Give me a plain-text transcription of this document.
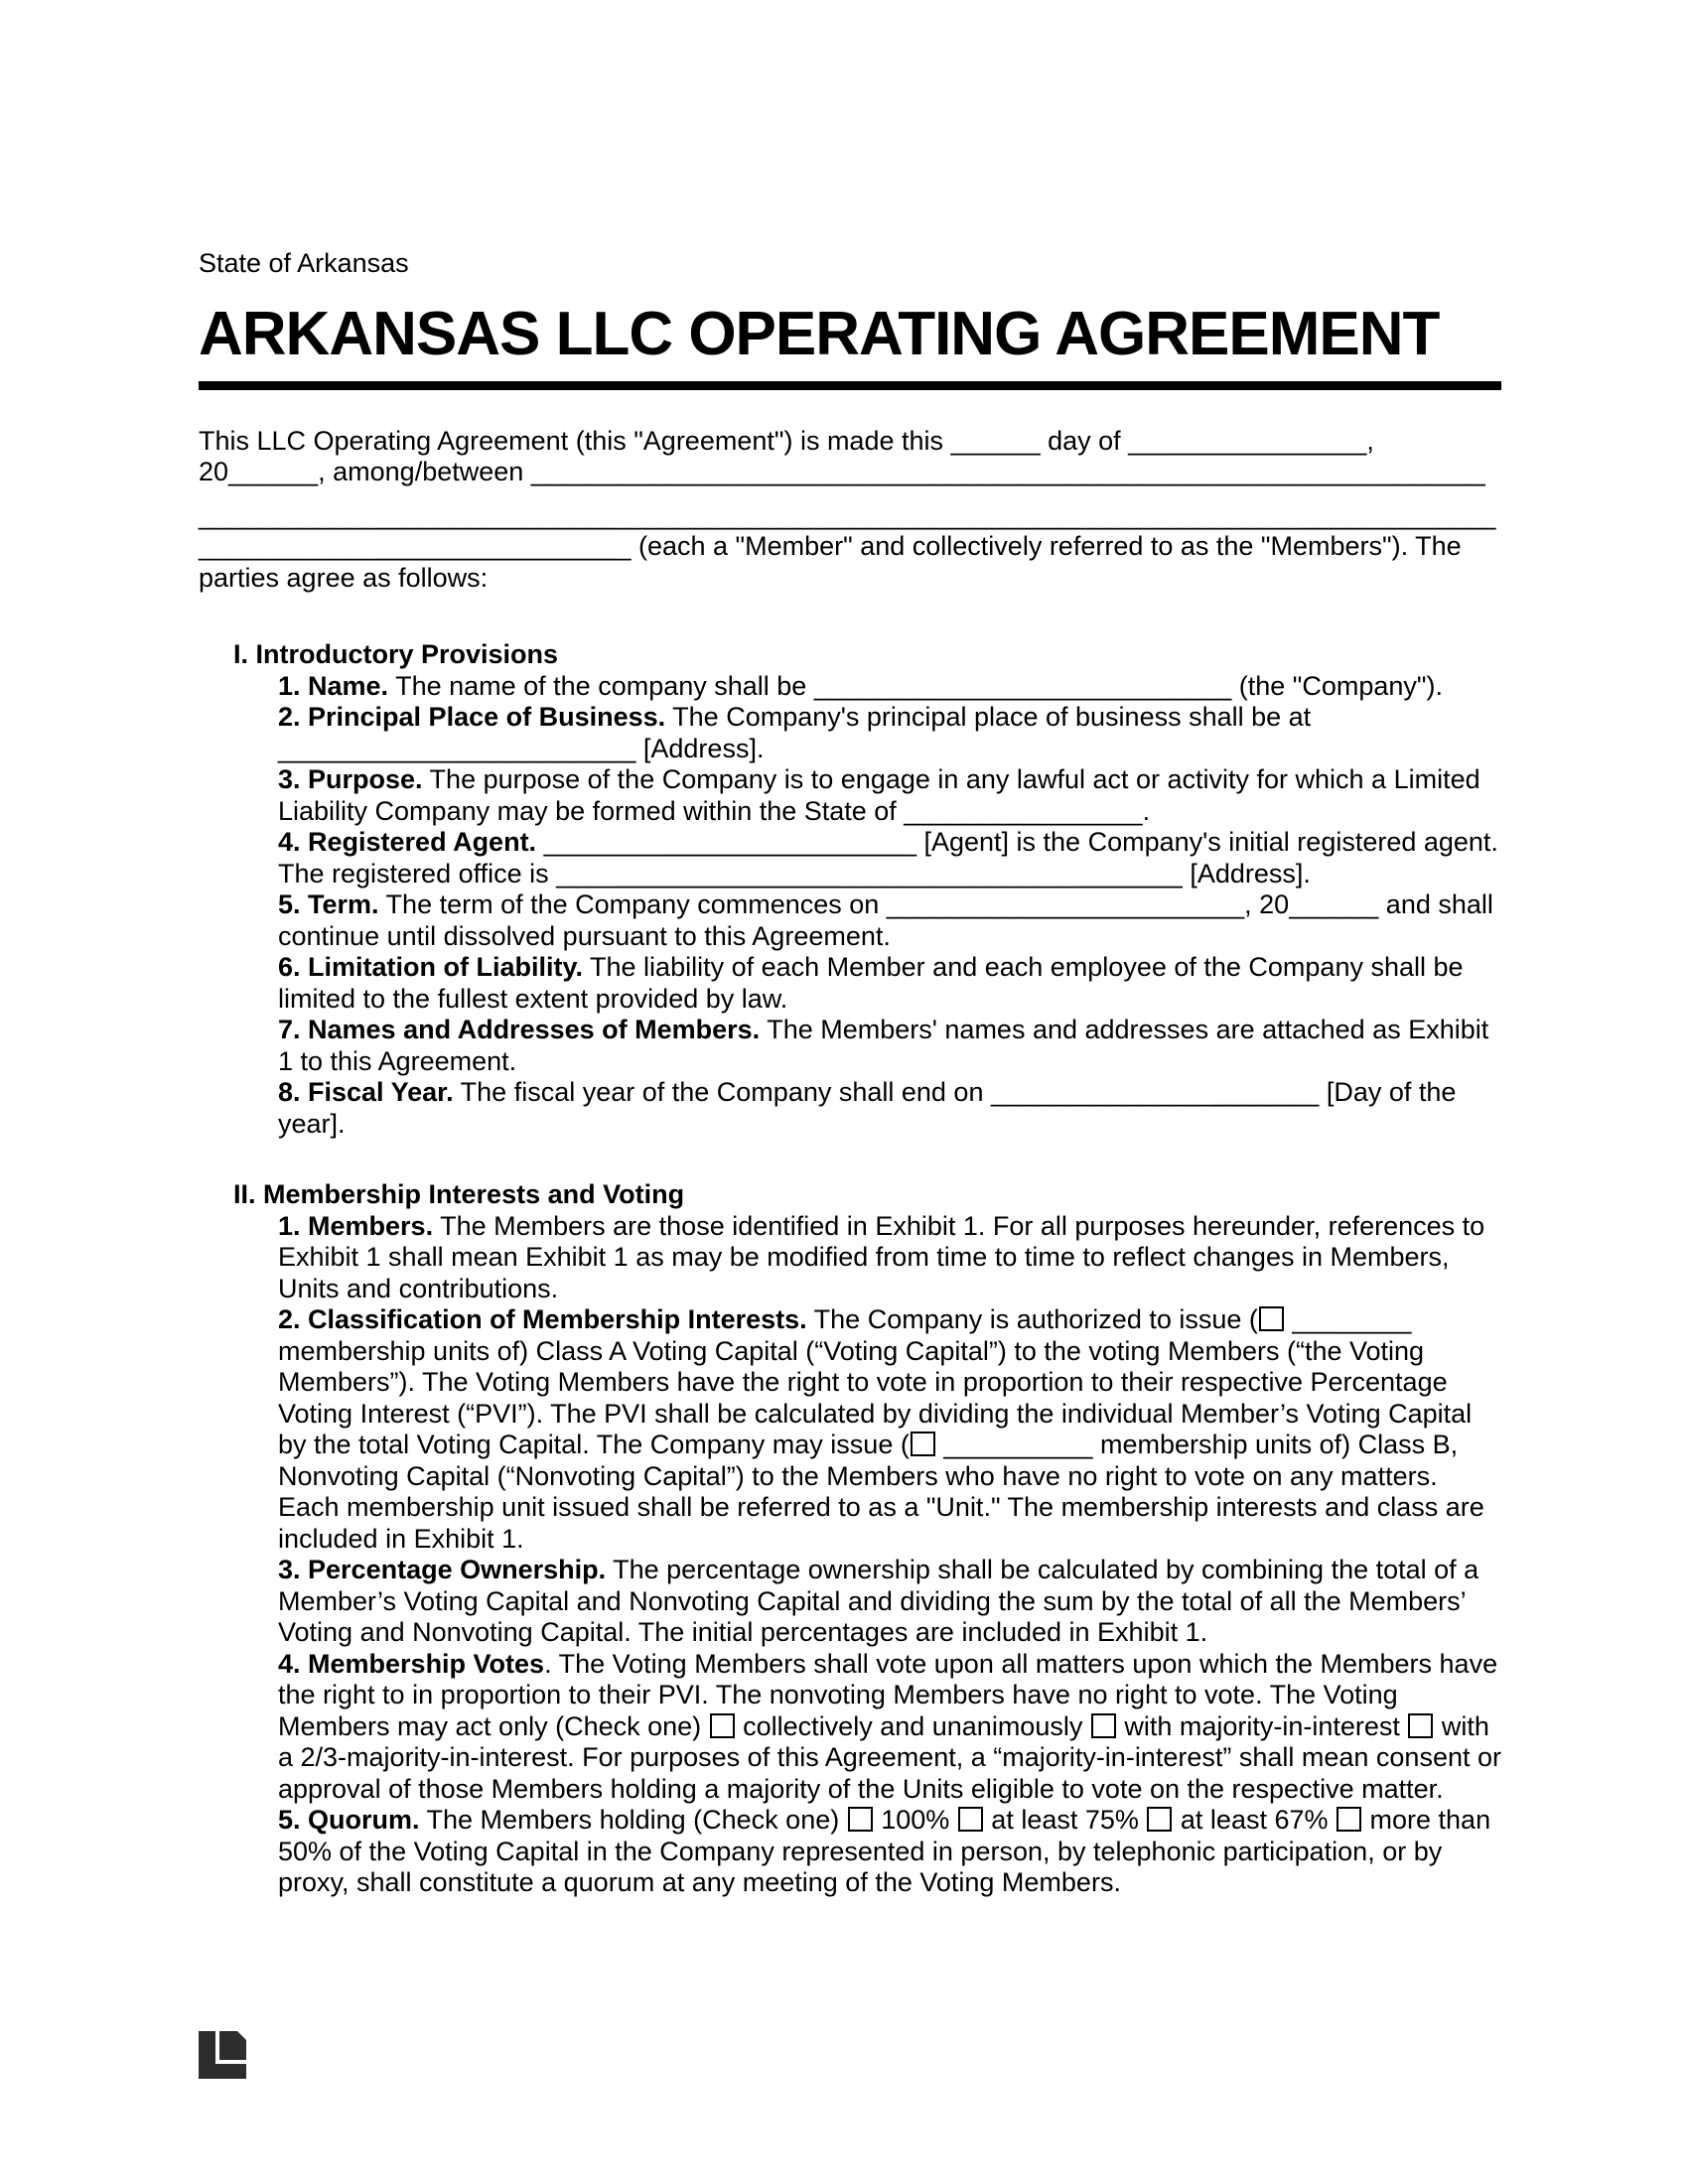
State of Arkansas

ARKANSAS LLC OPERATING AGREEMENT

This LLC Operating Agreement (this "Agreement") is made this ______ day of ________________, 20______, among/between ________________________________________________________________

____________________________________________________________________________________________________________________ (each a "Member" and collectively referred to as the "Members"). The parties agree as follows:

I. Introductory Provisions

1. Name. The name of the company shall be ____________________________ (the "Company").

2. Principal Place of Business. The Company's principal place of business shall be at ________________________ [Address].

3. Purpose. The purpose of the Company is to engage in any lawful act or activity for which a Limited Liability Company may be formed within the State of ________________.

4. Registered Agent. _________________________ [Agent] is the Company's initial registered agent. The registered office is __________________________________________ [Address].

5. Term. The term of the Company commences on ________________________, 20______ and shall continue until dissolved pursuant to this Agreement.

6. Limitation of Liability. The liability of each Member and each employee of the Company shall be limited to the fullest extent provided by law.

7. Names and Addresses of Members. The Members' names and addresses are attached as Exhibit 1 to this Agreement.

8. Fiscal Year. The fiscal year of the Company shall end on ______________________ [Day of the year].

II. Membership Interests and Voting

1. Members. The Members are those identified in Exhibit 1. For all purposes hereunder, references to Exhibit 1 shall mean Exhibit 1 as may be modified from time to time to reflect changes in Members, Units and contributions.

2. Classification of Membership Interests. The Company is authorized to issue ( ________ membership units of) Class A Voting Capital (“Voting Capital”) to the voting Members (“the Voting Members”). The Voting Members have the right to vote in proportion to their respective Percentage Voting Interest (“PVI”). The PVI shall be calculated by dividing the individual Member’s Voting Capital by the total Voting Capital. The Company may issue ( __________ membership units of) Class B, Nonvoting Capital (“Nonvoting Capital”) to the Members who have no right to vote on any matters. Each membership unit issued shall be referred to as a "Unit." The membership interests and class are included in Exhibit 1.

3. Percentage Ownership. The percentage ownership shall be calculated by combining the total of a Member’s Voting Capital and Nonvoting Capital and dividing the sum by the total of all the Members’ Voting and Nonvoting Capital. The initial percentages are included in Exhibit 1.

4. Membership Votes. The Voting Members shall vote upon all matters upon which the Members have the right to in proportion to their PVI. The nonvoting Members have no right to vote. The Voting Members may act only (Check one)  collectively and unanimously  with majority-in-interest  with a 2/3-majority-in-interest. For purposes of this Agreement, a “majority-in-interest” shall mean consent or approval of those Members holding a majority of the Units eligible to vote on the respective matter.

5. Quorum. The Members holding (Check one)  100%  at least 75%  at least 67%  more than 50% of the Voting Capital in the Company represented in person, by telephonic participation, or by proxy, shall constitute a quorum at any meeting of the Voting Members.
